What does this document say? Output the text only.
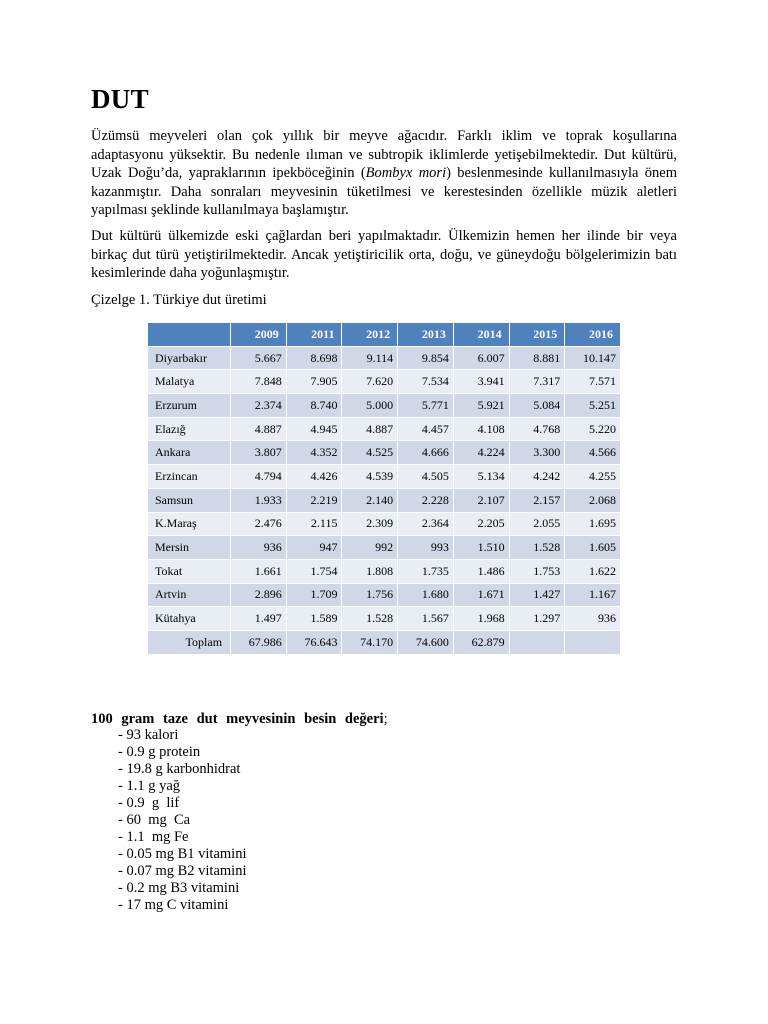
DUT

Üzümsü meyveleri olan çok yıllık bir meyve ağacıdır. Farklı iklim ve toprak koşullarına adaptasyonu yüksektir. Bu nedenle ılıman ve subtropik iklimlerde yetişebilmektedir. Dut kültürü, Uzak Doğu’da, yapraklarının ipekböceğinin (Bombyx mori) beslenmesinde kullanılmasıyla önem kazanmıştır. Daha sonraları meyvesinin tüketilmesi ve kerestesinden özellikle müzik aletleri yapılması şeklinde kullanılmaya başlamıştır.

Dut kültürü ülkemizde eski çağlardan beri yapılmaktadır. Ülkemizin hemen her ilinde bir veya birkaç dut türü yetiştirilmektedir. Ancak yetiştiricilik orta, doğu, ve güneydoğu bölgelerimizin batı kesimlerinde daha yoğunlaşmıştır.

Çizelge 1. Türkiye dut üretimi

	2009	2011	2012	2013	2014	2015	2016
Diyarbakır	5.667	8.698	9.114	9.854	6.007	8.881	10.147
Malatya	7.848	7.905	7.620	7.534	3.941	7.317	7.571
Erzurum	2.374	8.740	5.000	5.771	5.921	5.084	5.251
Elazığ	4.887	4.945	4.887	4.457	4.108	4.768	5.220
Ankara	3.807	4.352	4.525	4.666	4.224	3.300	4.566
Erzincan	4.794	4.426	4.539	4.505	5.134	4.242	4.255
Samsun	1.933	2.219	2.140	2.228	2.107	2.157	2.068
K.Maraş	2.476	2.115	2.309	2.364	2.205	2.055	1.695
Mersin	936	947	992	993	1.510	1.528	1.605
Tokat	1.661	1.754	1.808	1.735	1.486	1.753	1.622
Artvin	2.896	1.709	1.756	1.680	1.671	1.427	1.167
Kütahya	1.497	1.589	1.528	1.567	1.968	1.297	936
Toplam	67.986	76.643	74.170	74.600	62.879		

100 gram taze dut meyvesinin besin değeri;

- 93 kalori
- 0.9 g protein
- 19.8 g karbonhidrat
- 1.1 g yağ
- 0.9  g  lif
- 60  mg  Ca
- 1.1  mg Fe
- 0.05 mg B1 vitamini
- 0.07 mg B2 vitamini
- 0.2 mg B3 vitamini
- 17 mg C vitamini
